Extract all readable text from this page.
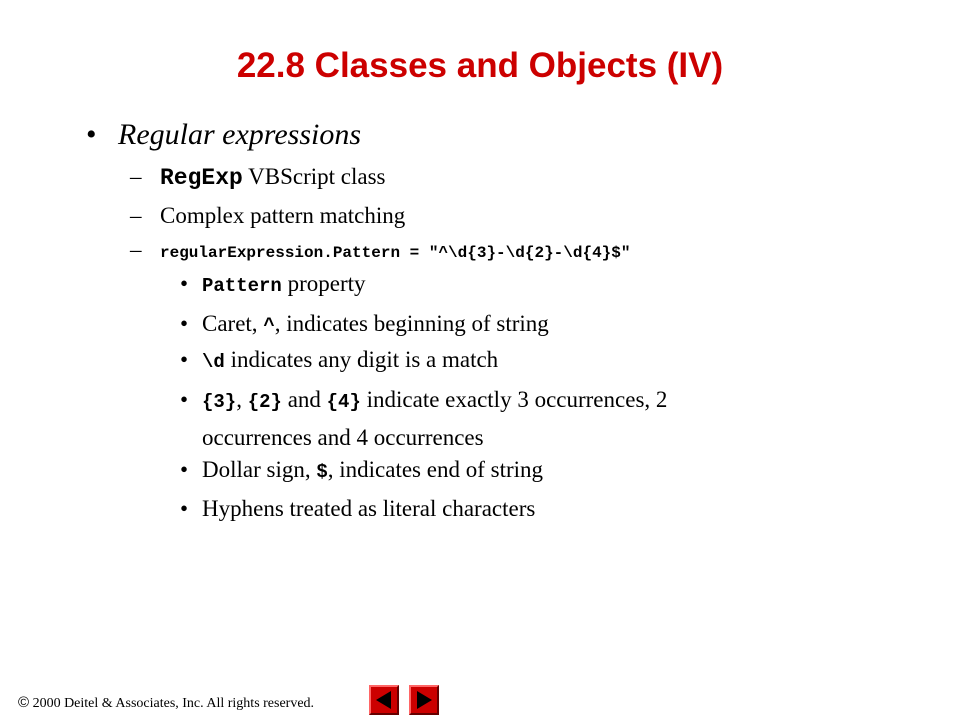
22.8 Classes and Objects (IV)
• Regular expressions
– RegExp VBScript class
– Complex pattern matching
– regularExpression.Pattern = "^\d{3}-\d{2}-\d{4}$"
• Pattern property
• Caret, ^, indicates beginning of string
• \d indicates any digit is a match
• {3}, {2} and {4} indicate exactly 3 occurrences, 2
occurrences and 4 occurrences
• Dollar sign, $, indicates end of string
• Hyphens treated as literal characters
© 2000 Deitel & Associates, Inc. All rights reserved.
